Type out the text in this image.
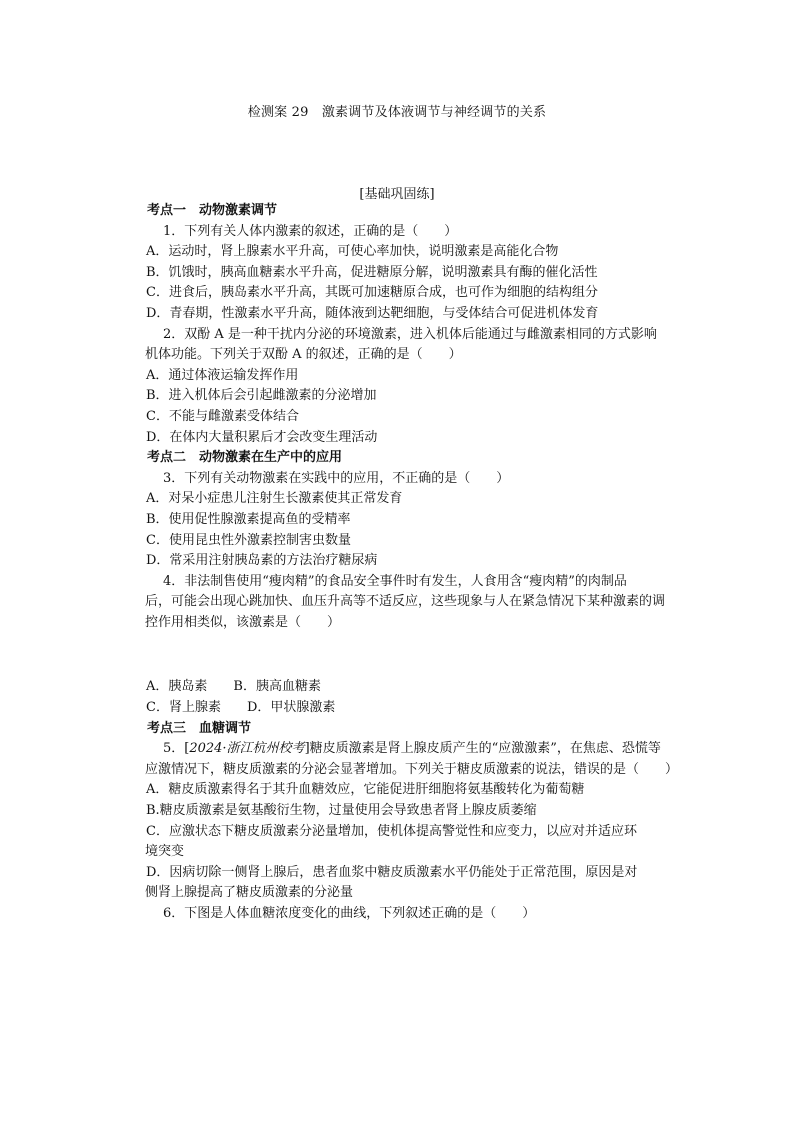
检测案 29　激素调节及体液调节与神经调节的关系
[基础巩固练]
考点一　动物激素调节
1．下列有关人体内激素的叙述，正确的是（　　）
A．运动时，肾上腺素水平升高，可使心率加快，说明激素是高能化合物
B．饥饿时，胰高血糖素水平升高，促进糖原分解，说明激素具有酶的催化活性
C．进食后，胰岛素水平升高，其既可加速糖原合成，也可作为细胞的结构组分
D．青春期，性激素水平升高，随体液到达靶细胞，与受体结合可促进机体发育
2．双酚 A 是一种干扰内分泌的环境激素，进入机体后能通过与雌激素相同的方式影响
机体功能。下列关于双酚 A 的叙述，正确的是（　　）
A．通过体液运输发挥作用
B．进入机体后会引起雌激素的分泌增加
C．不能与雌激素受体结合
D．在体内大量积累后才会改变生理活动
考点二　动物激素在生产中的应用
3．下列有关动物激素在实践中的应用，不正确的是（　　）
A．对呆小症患儿注射生长激素使其正常发育
B．使用促性腺激素提高鱼的受精率
C．使用昆虫性外激素控制害虫数量
D．常采用注射胰岛素的方法治疗糖尿病
4．非法制售使用“瘦肉精”的食品安全事件时有发生，人食用含“瘦肉精”的肉制品
后，可能会出现心跳加快、血压升高等不适反应，这些现象与人在紧急情况下某种激素的调
控作用相类似，该激素是（　　）
A．胰岛素　　B．胰高血糖素
C．肾上腺素　　D．甲状腺激素
考点三　血糖调节
5．[2024·浙江杭州校考]糖皮质激素是肾上腺皮质产生的“应激激素”，在焦虑、恐慌等
应激情况下，糖皮质激素的分泌会显著增加。下列关于糖皮质激素的说法，错误的是（　　）
A．糖皮质激素得名于其升血糖效应，它能促进肝细胞将氨基酸转化为葡萄糖
B.糖皮质激素是氨基酸衍生物，过量使用会导致患者肾上腺皮质萎缩
C．应激状态下糖皮质激素分泌量增加，使机体提高警觉性和应变力，以应对并适应环
境突变
D．因病切除一侧肾上腺后，患者血浆中糖皮质激素水平仍能处于正常范围，原因是对
侧肾上腺提高了糖皮质激素的分泌量
6．下图是人体血糖浓度变化的曲线，下列叙述正确的是（　　）
